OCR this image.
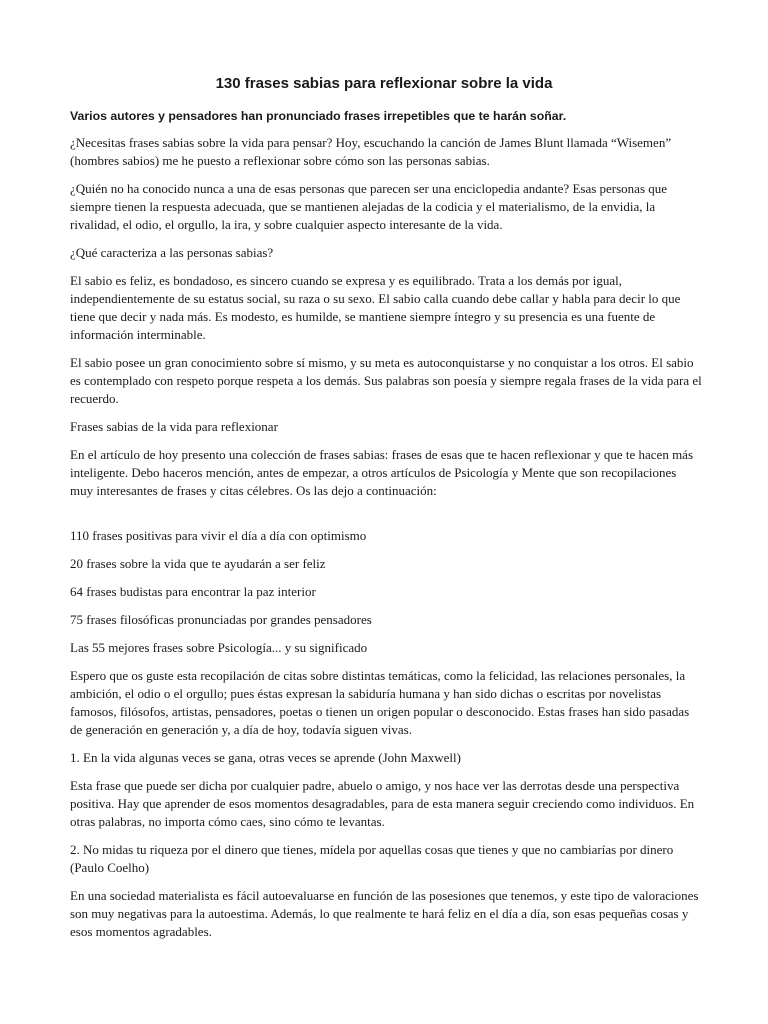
130 frases sabias para reflexionar sobre la vida

Varios autores y pensadores han pronunciado frases irrepetibles que te harán soñar.

¿Necesitas frases sabias sobre la vida para pensar? Hoy, escuchando la canción de James Blunt llamada “Wisemen” (hombres sabios) me he puesto a reflexionar sobre cómo son las personas sabias.

¿Quién no ha conocido nunca a una de esas personas que parecen ser una enciclopedia andante? Esas personas que siempre tienen la respuesta adecuada, que se mantienen alejadas de la codicia y el materialismo, de la envidia, la rivalidad, el odio, el orgullo, la ira, y sobre cualquier aspecto interesante de la vida.

¿Qué caracteriza a las personas sabias?

El sabio es feliz, es bondadoso, es sincero cuando se expresa y es equilibrado. Trata a los demás por igual, independientemente de su estatus social, su raza o su sexo. El sabio calla cuando debe callar y habla para decir lo que tiene que decir y nada más. Es modesto, es humilde, se mantiene siempre íntegro y su presencia es una fuente de información interminable.

El sabio posee un gran conocimiento sobre sí mismo, y su meta es autoconquistarse y no conquistar a los otros. El sabio es contemplado con respeto porque respeta a los demás. Sus palabras son poesía y siempre regala frases de la vida para el recuerdo.

Frases sabias de la vida para reflexionar

En el artículo de hoy presento una colección de frases sabias: frases de esas que te hacen reflexionar y que te hacen más inteligente. Debo haceros mención, antes de empezar, a otros artículos de Psicología y Mente que son recopilaciones muy interesantes de frases y citas célebres. Os las dejo a continuación:

110 frases positivas para vivir el día a día con optimismo

20 frases sobre la vida que te ayudarán a ser feliz

64 frases budistas para encontrar la paz interior

75 frases filosóficas pronunciadas por grandes pensadores

Las 55 mejores frases sobre Psicología... y su significado

Espero que os guste esta recopilación de citas sobre distintas temáticas, como la felicidad, las relaciones personales, la ambición, el odio o el orgullo; pues éstas expresan la sabiduría humana y han sido dichas o escritas por novelistas famosos, filósofos, artistas, pensadores, poetas o tienen un origen popular o desconocido. Estas frases han sido pasadas de generación en generación y, a día de hoy, todavía siguen vivas.

1. En la vida algunas veces se gana, otras veces se aprende (John Maxwell)

Esta frase que puede ser dicha por cualquier padre, abuelo o amigo, y nos hace ver las derrotas desde una perspectiva positiva. Hay que aprender de esos momentos desagradables, para de esta manera seguir creciendo como individuos. En otras palabras, no importa cómo caes, sino cómo te levantas.

2. No midas tu riqueza por el dinero que tienes, mídela por aquellas cosas que tienes y que no cambiarías por dinero (Paulo Coelho)

En una sociedad materialista es fácil autoevaluarse en función de las posesiones que tenemos, y este tipo de valoraciones son muy negativas para la autoestima. Además, lo que realmente te hará feliz en el día a día, son esas pequeñas cosas y esos momentos agradables.
